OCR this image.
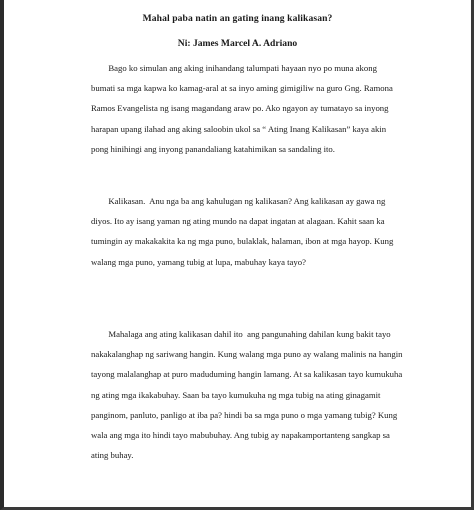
Mahal paba natin an gating inang kalikasan?
Ni: James Marcel A. Adriano
Bago ko simulan ang aking inihandang talumpati hayaan nyo po muna akong
bumati sa mga kapwa ko kamag-aral at sa inyo aming gimigiliw na guro Gng. Ramona
Ramos Evangelista ng isang magandang araw po. Ako ngayon ay tumatayo sa inyong
harapan upang ilahad ang aking saloobin ukol sa “ Ating Inang Kalikasan” kaya akin
pong hinihingi ang inyong panandaliang katahimikan sa sandaling ito.
Kalikasan.  Anu nga ba ang kahulugan ng kalikasan? Ang kalikasan ay gawa ng
diyos. Ito ay isang yaman ng ating mundo na dapat ingatan at alagaan. Kahit saan ka
tumingin ay makakakita ka ng mga puno, bulaklak, halaman, ibon at mga hayop. Kung
walang mga puno, yamang tubig at lupa, mabuhay kaya tayo?
Mahalaga ang ating kalikasan dahil ito  ang pangunahing dahilan kung bakit tayo
nakakalanghap ng sariwang hangin. Kung walang mga puno ay walang malinis na hangin
tayong malalanghap at puro maduduming hangin lamang. At sa kalikasan tayo kumukuha
ng ating mga ikakabuhay. Saan ba tayo kumukuha ng mga tubig na ating ginagamit
panginom, panluto, panligo at iba pa? hindi ba sa mga puno o mga yamang tubig? Kung
wala ang mga ito hindi tayo mabubuhay. Ang tubig ay napakamportanteng sangkap sa
ating buhay.
